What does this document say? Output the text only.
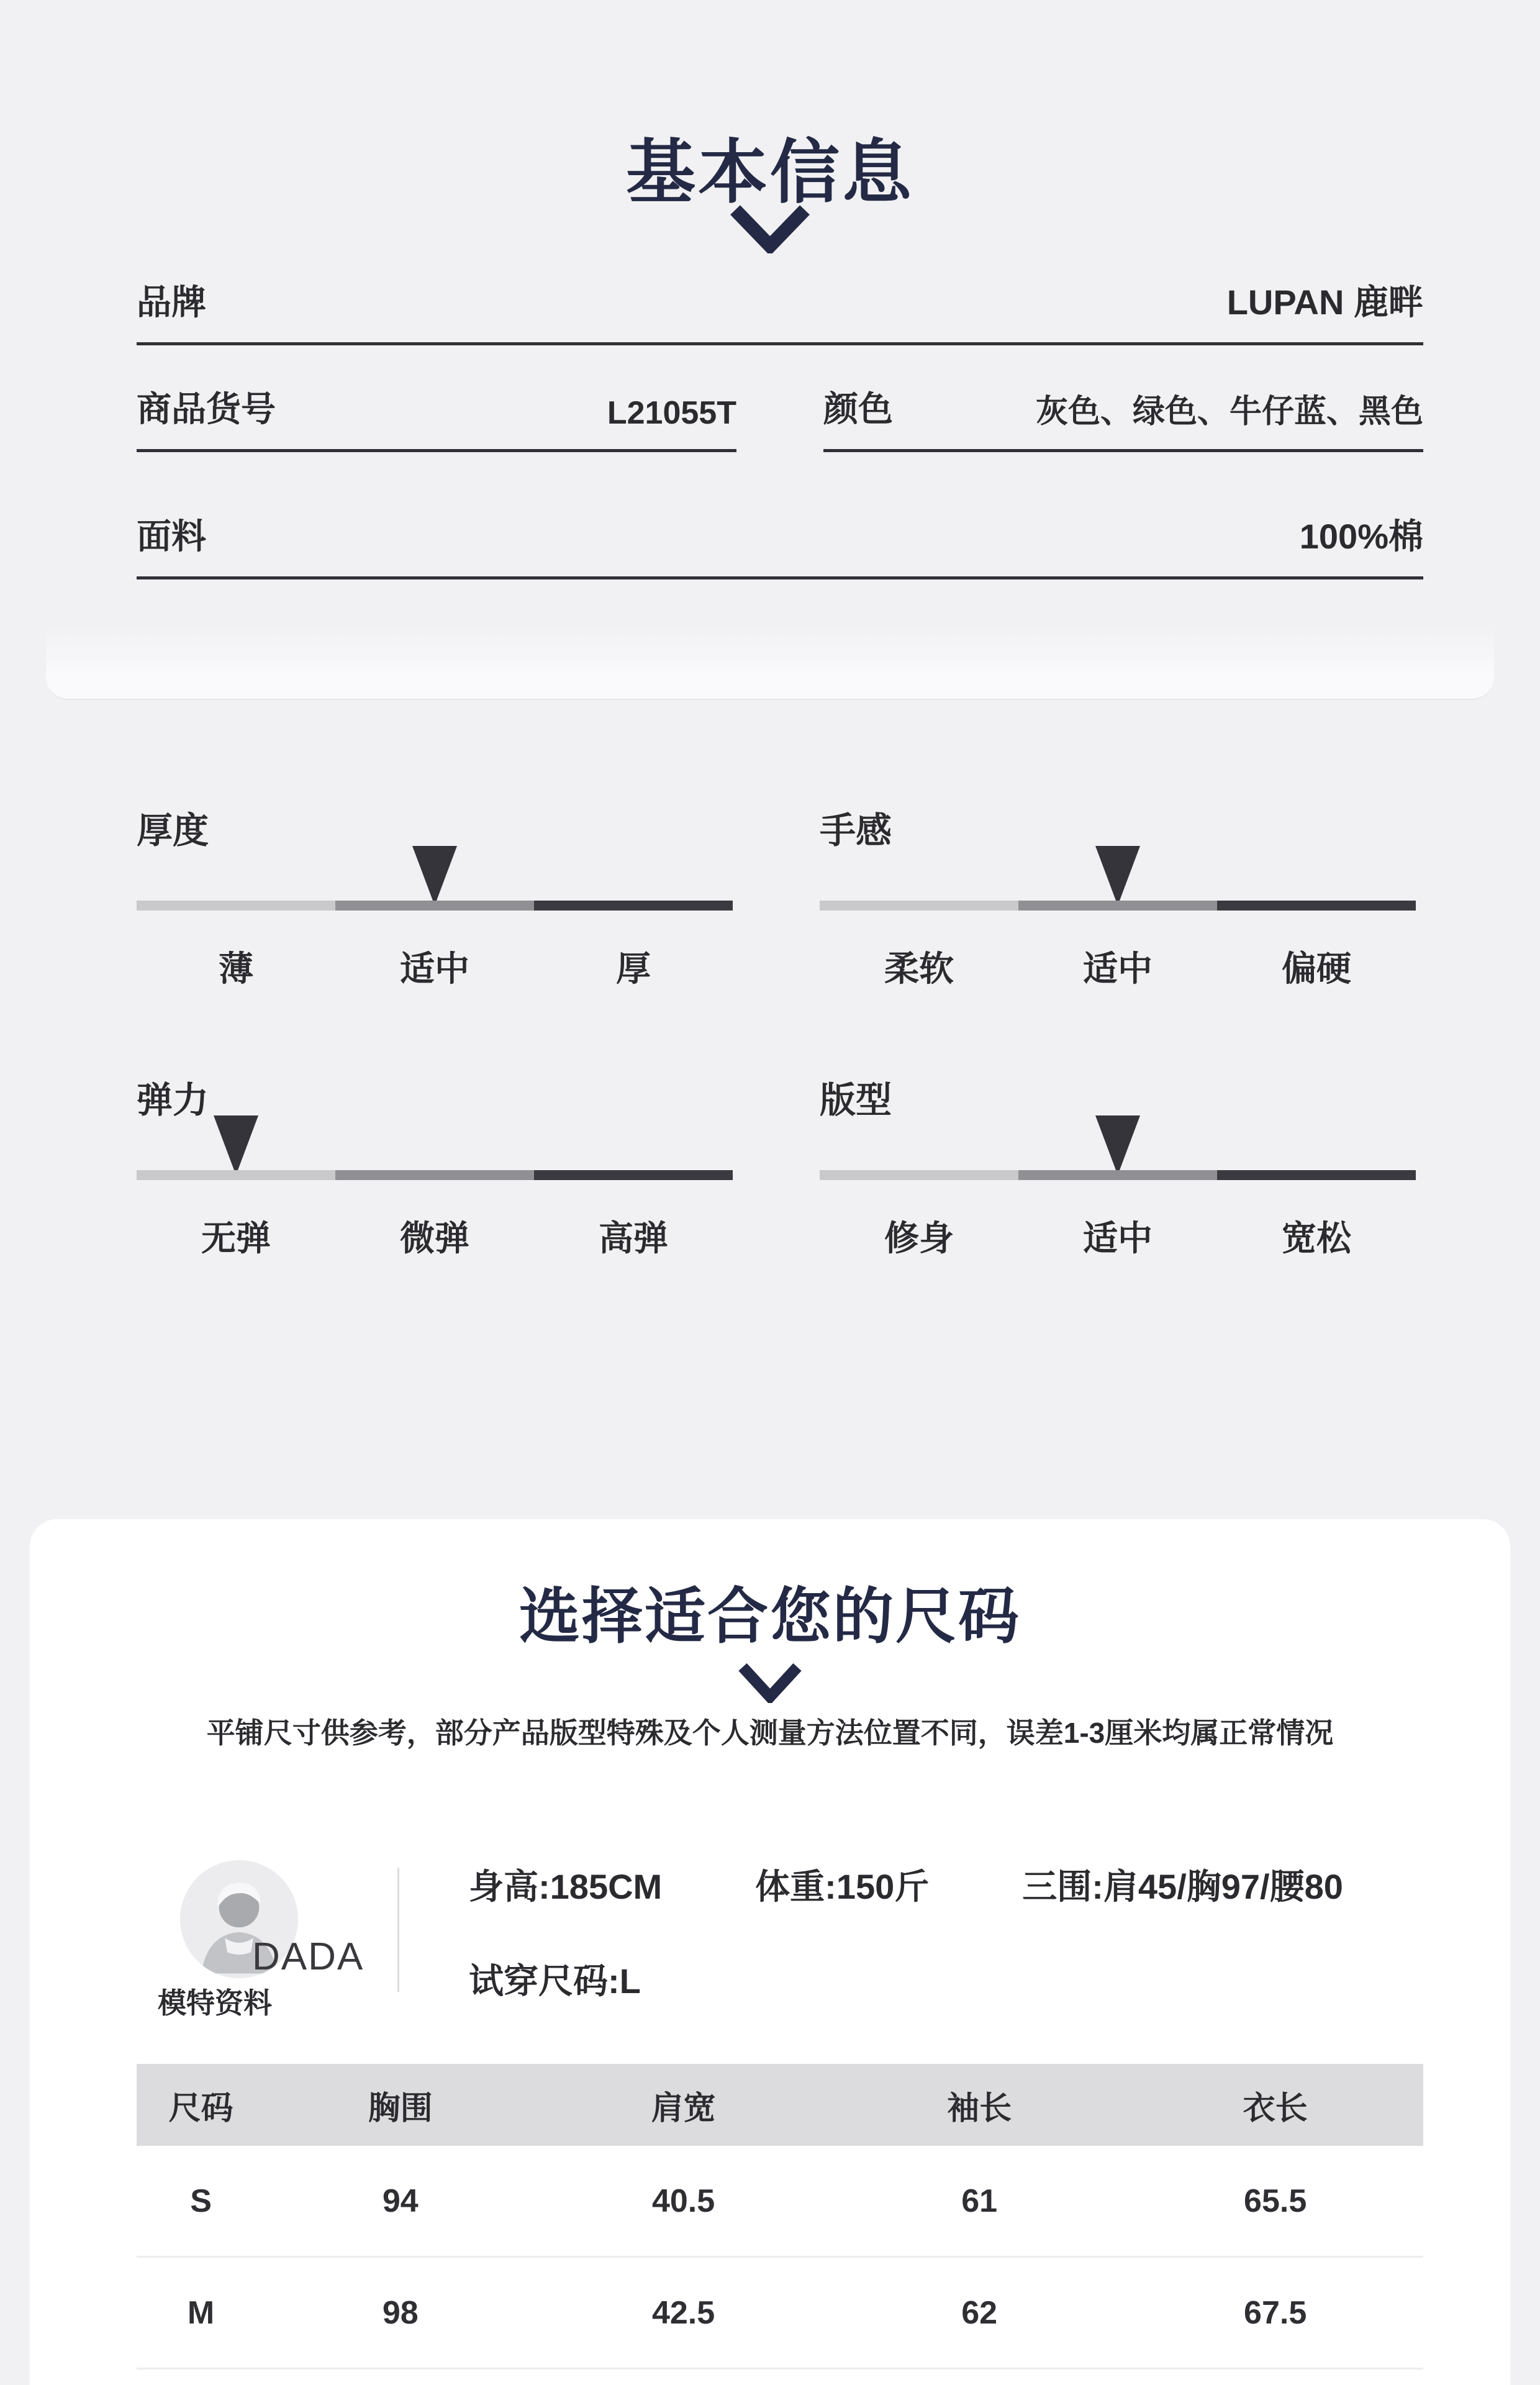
基本信息
品牌	LUPAN 鹿畔
商品货号	L21055T	颜色	灰色、绿色、牛仔蓝、黑色
面料	100%棉
厚度
薄	适中	厚
手感
柔软	适中	偏硬
弹力
无弹	微弹	高弹
版型
修身	适中	宽松
选择适合您的尺码
平铺尺寸供参考，部分产品版型特殊及个人测量方法位置不同，误差1-3厘米均属正常情况
DADA
模特资料
身高:185CM	体重:150斤	三围:肩45/胸97/腰80
试穿尺码:L
尺码	胸围	肩宽	袖长	衣长
S	94	40.5	61	65.5
M	98	42.5	62	67.5
